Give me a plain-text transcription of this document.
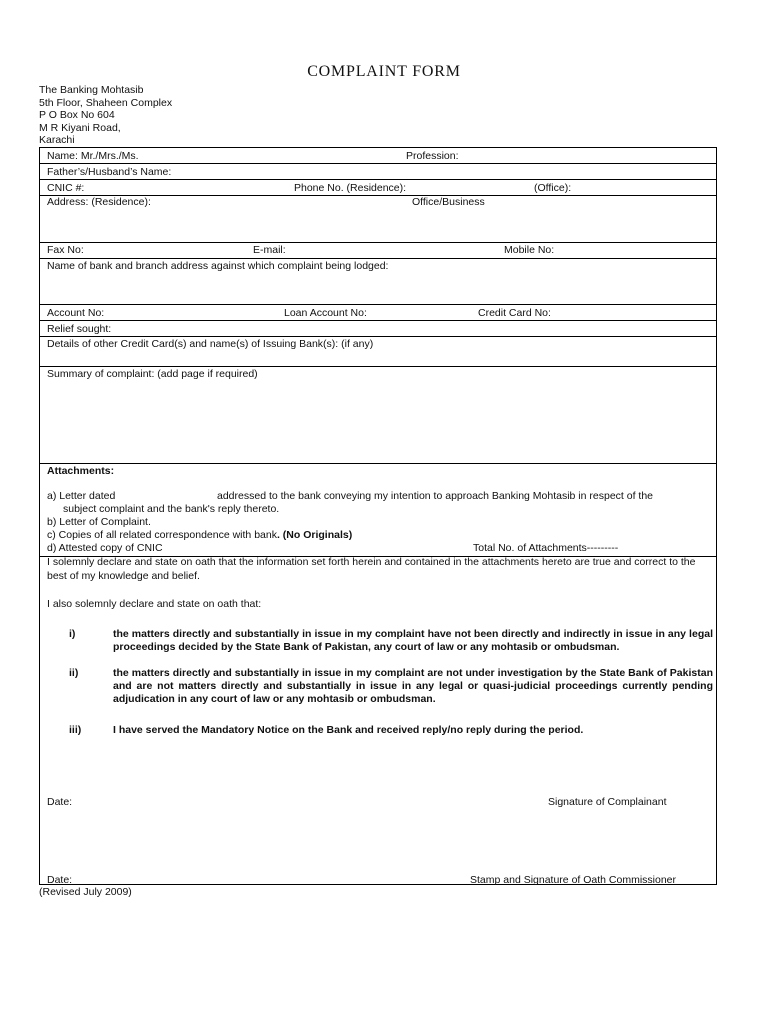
COMPLAINT FORM
The Banking Mohtasib
5th Floor, Shaheen Complex
P O Box No 604
M R Kiyani Road,
Karachi
Name: Mr./Mrs./Ms.	Profession:
Father’s/Husband’s Name:
CNIC #:	Phone No. (Residence):	(Office):
Address: (Residence):	Office/Business
Fax No:	E-mail:	Mobile No:
Name of bank and branch address against which complaint being lodged:
Account No:	Loan Account No:	Credit Card No:
Relief sought:
Details of other Credit Card(s) and name(s) of Issuing Bank(s): (if any)
Summary of complaint: (add page if required)
Attachments:
a) Letter dated	addressed to the bank conveying my intention to approach Banking Mohtasib in respect of the
subject complaint and the bank's reply thereto.
b) Letter of Complaint.
c) Copies of all related correspondence with bank. (No Originals)
d) Attested copy of CNIC	Total No. of Attachments---------
I solemnly declare and state on oath that the information set forth herein and contained in the attachments hereto are true and correct to the best of my knowledge and belief.
I also solemnly declare and state on oath that:
i)	the matters directly and substantially in issue in my complaint have not been directly and indirectly in issue in any legal proceedings decided by the State Bank of Pakistan, any court of law or any mohtasib or ombudsman.
ii)	the matters directly and substantially in issue in my complaint are not under investigation by the State Bank of Pakistan and are not matters directly and substantially in issue in any legal or quasi-judicial proceedings currently pending adjudication in any court of law or any mohtasib or ombudsman.
iii)	I have served the Mandatory Notice on the Bank and received reply/no reply during the period.
Date:	Signature of Complainant
Date:	Stamp and Signature of Oath Commissioner
(Revised July 2009)
